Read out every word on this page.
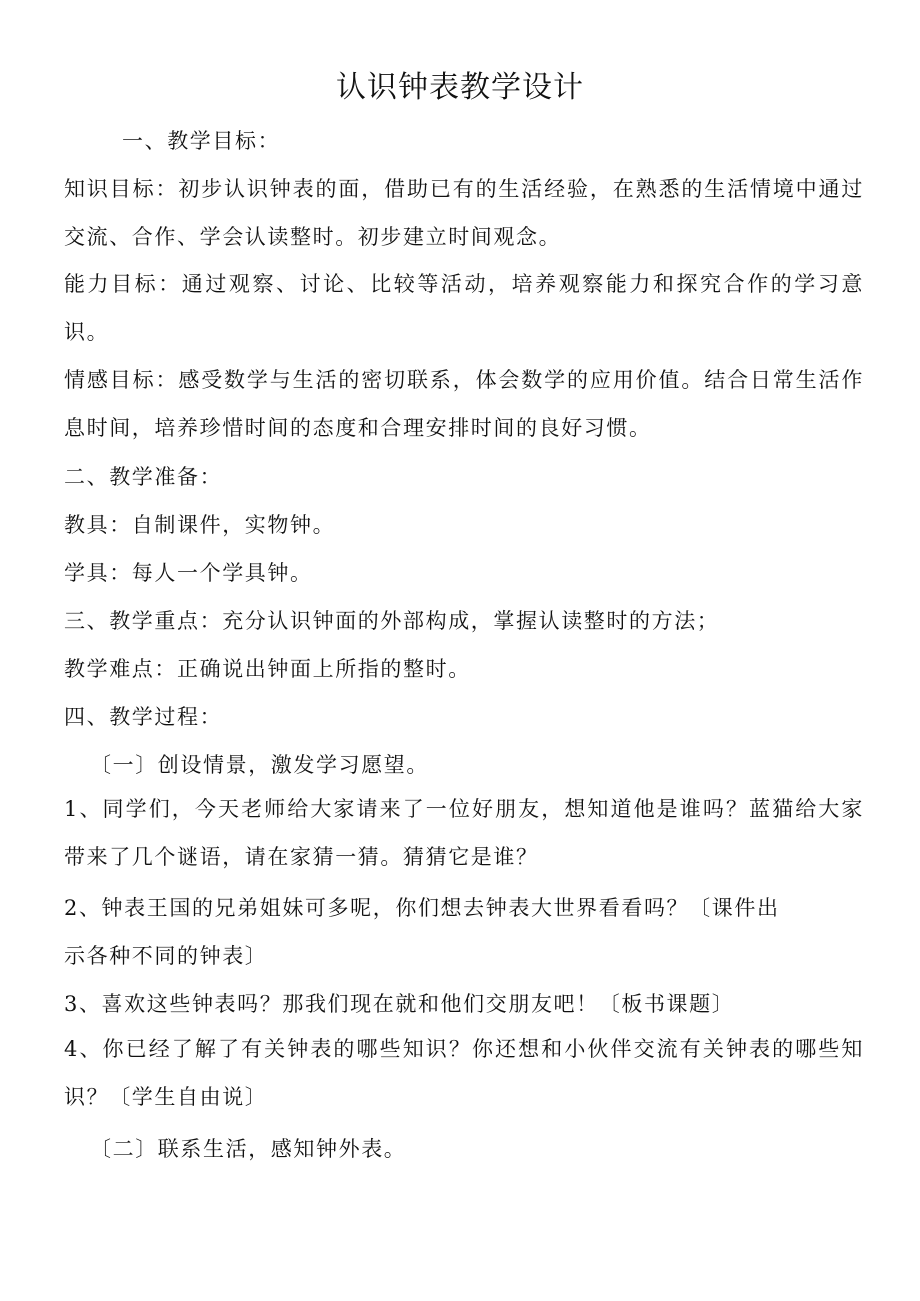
认识钟表教学设计

一、教学目标：

知识目标：初步认识钟表的面，借助已有的生活经验，在熟悉的生活情境中通过交流、合作、学会认读整时。初步建立时间观念。

能力目标：通过观察、讨论、比较等活动，培养观察能力和探究合作的学习意识。

情感目标：感受数学与生活的密切联系，体会数学的应用价值。结合日常生活作息时间，培养珍惜时间的态度和合理安排时间的良好习惯。

二、教学准备：

教具：自制课件，实物钟。

学具：每人一个学具钟。

三、教学重点：充分认识钟面的外部构成，掌握认读整时的方法；

教学难点：正确说出钟面上所指的整时。

四、教学过程：

〔一〕创设情景，激发学习愿望。

1、同学们，今天老师给大家请来了一位好朋友，想知道他是谁吗？蓝猫给大家带来了几个谜语，请在家猜一猜。猜猜它是谁？

2、钟表王国的兄弟姐妹可多呢，你们想去钟表大世界看看吗？〔课件出

示各种不同的钟表〕

3、喜欢这些钟表吗？那我们现在就和他们交朋友吧！〔板书课题〕

4、你已经了解了有关钟表的哪些知识？你还想和小伙伴交流有关钟表的哪些知识？〔学生自由说〕

〔二〕联系生活，感知钟外表。
